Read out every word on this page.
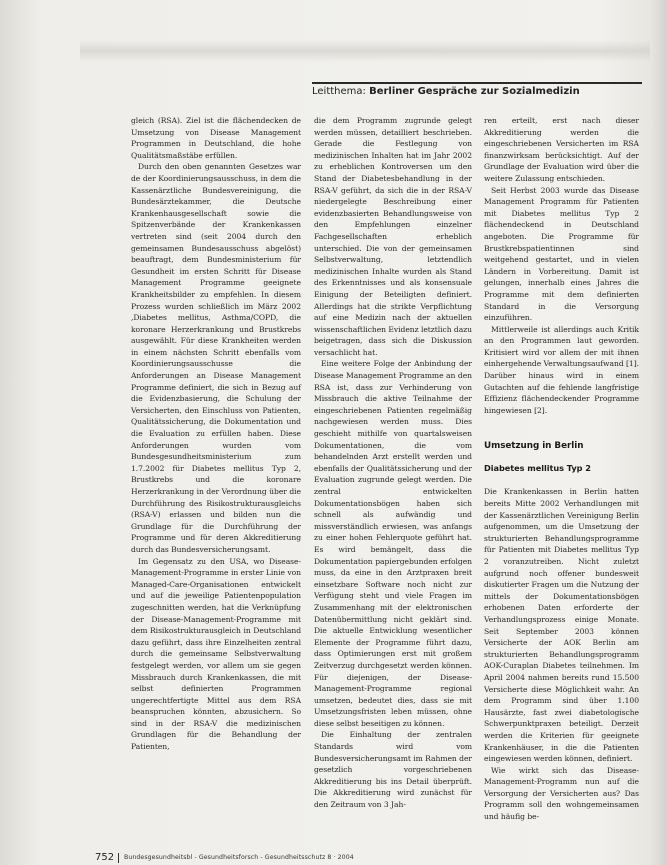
Leitthema: Berliner Gespräche zur Sozialmedizin

gleich (RSA). Ziel ist die flächendecken de Umsetzung von Disease Management Programmen in Deutschland, die hohe Qualitätsmaßstäbe erfüllen.

Durch den oben genannten Gesetzes war de der Koordinierungsausschuss, in dem die Kassenärztliche Bundesvereinigung, die Bundesärztekammer, die Deutsche Krankenhausgesellschaft sowie die Spitzenverbände der Krankenkassen vertreten sind (seit 2004 durch den gemeinsamen Bundesausschuss abgelöst) beauftragt, dem Bundesministerium für Gesundheit im ersten Schritt für Disease Management Programme geeignete Krankheitsbilder zu empfehlen. In diesem Prozess wurden schließlich im März 2002 ‚Diabetes mellitus, Asthma/COPD, die koronare Herzerkrankung und Brustkrebs ausgewählt. Für diese Krankheiten werden in einem nächsten Schritt ebenfalls vom Koordinierungsausschusse die Anforderungen an Disease Management Programme definiert, die sich in Bezug auf die Evidenzbasierung, die Schulung der Versicherten, den Einschluss von Patienten, Qualitätssicherung, die Dokumentation und die Evaluation zu erfüllen haben. Diese Anforderungen wurden vom Bundesgesundheitsministerium zum 1.7.2002 für Diabetes mellitus Typ 2, Brustkrebs und die koronare Herzerkrankung in der Verordnung über die Durchführung des Risikostrukturausgleichs (RSA-V) erlassen und bilden nun die Grundlage für die Durchführung der Programme und für deren Akkreditierung durch das Bundesversicherungsamt.

Im Gegensatz zu den USA, wo Disease-Management-Programme in erster Linie von Managed-Care-Organisationen entwickelt und auf die jeweilige Patientenpopulation zugeschnitten werden, hat die Verknüpfung der Disease-Management-Programme mit dem Risikostrukturausgleich in Deutschland dazu geführt, dass ihre Einzelheiten zentral durch die gemeinsame Selbstverwaltung festgelegt werden, vor allem um sie gegen Missbrauch durch Krankenkassen, die mit selbst definierten Programmen ungerechtfertigte Mittel aus dem RSA beanspruchen könnten, abzusichern. So sind in der RSA-V die medizinischen Grundlagen für die Behandlung der Patienten,

die dem Programm zugrunde gelegt werden müssen, detailliert beschrieben. Gerade die Festlegung von medizinischen Inhalten hat im Jahr 2002 zu erheblichen Kontroversen um den Stand der Diabetesbehandlung in der RSA-V geführt, da sich die in der RSA-V niedergelegte Beschreibung einer evidenzbasierten Behandlungsweise von den Empfehlungen einzelner Fachgesellschaften erheblich unterschied. Die von der gemeinsamen Selbstverwaltung, letztendlich medizinischen Inhalte wurden als Stand des Erkenntnisses und als konsensuale Einigung der Beteiligten definiert. Allerdings hat die strikte Verpflichtung auf eine Medizin nach der aktuellen wissenschaftlichen Evidenz letztlich dazu beigetragen, dass sich die Diskussion versachlicht hat.

Eine weitere Folge der Anbindung der Disease Management Programme an den RSA ist, dass zur Verhinderung von Missbrauch die aktive Teilnahme der eingeschriebenen Patienten regelmäßig nachgewiesen werden muss. Dies geschieht mithilfe von quartalsweisen Dokumentationen, die vom behandelnden Arzt erstellt werden und ebenfalls der Qualitätssicherung und der Evaluation zugrunde gelegt werden. Die zentral entwickelten Dokumentationsbögen haben sich schnell als aufwändig und missverständlich erwiesen, was anfangs zu einer hohen Fehlerquote geführt hat. Es wird bemängelt, dass die Dokumentation papiergebunden erfolgen muss, da eine in den Arztpraxen breit einsetzbare Software noch nicht zur Verfügung steht und viele Fragen im Zusammenhang mit der elektronischen Datenübermittlung nicht geklärt sind. Die aktuelle Entwicklung wesentlicher Elemente der Programme führt dazu, dass Optimierungen erst mit großem Zeitverzug durchgesetzt werden können. Für diejenigen, der Disease-Management-Programme regional umsetzen, bedeutet dies, dass sie mit Umsetzungsfristen leben müssen, ohne diese selbst beseitigen zu können.

Die Einhaltung der zentralen Standards wird vom Bundesversicherungsamt im Rahmen der gesetzlich vorgeschriebenen Akkreditierung bis ins Detail überprüft. Die Akkreditierung wird zunächst für den Zeitraum von 3 Jah-

ren erteilt, erst nach dieser Akkreditierung werden die eingeschriebenen Versicherten im RSA finanzwirksam berücksichtigt. Auf der Grundlage der Evaluation wird über die weitere Zulassung entschieden.

Seit Herbst 2003 wurde das Disease Management Programm für Patienten mit Diabetes mellitus Typ 2 flächendeckend in Deutschland angeboten. Die Programme für Brustkrebspatientinnen sind weitgehend gestartet, und in vielen Ländern in Vorbereitung. Damit ist gelungen, innerhalb eines Jahres die Programme mit dem definierten Standard in die Versorgung einzuführen.

Mittlerweile ist allerdings auch Kritik an den Programmen laut geworden. Kritisiert wird vor allem der mit ihnen einhergehende Verwaltungsaufwand [1]. Darüber hinaus wird in einem Gutachten auf die fehlende langfristige Effizienz flächendeckender Programme hingewiesen [2].

Umsetzung in Berlin
Diabetes mellitus Typ 2

Die Krankenkassen in Berlin hatten bereits Mitte 2002 Verhandlungen mit der Kassenärztlichen Vereinigung Berlin aufgenommen, um die Umsetzung der strukturierten Behandlungsprogramme für Patienten mit Diabetes mellitus Typ 2 voranzutreiben. Nicht zuletzt aufgrund noch offener bundesweit diskutierter Fragen um die Nutzung der mittels der Dokumentationsbögen erhobenen Daten erforderte der Verhandlungsprozess einige Monate. Seit September 2003 können Versicherte der AOK Berlin am strukturierten Behandlungsprogramm AOK-Curaplan Diabetes teilnehmen. Im April 2004 nahmen bereits rund 15.500 Versicherte diese Möglichkeit wahr. An dem Programm sind über 1.100 Hausärzte, fast zwei diabetologische Schwerpunktpraxen beteiligt. Derzeit werden die Kriterien für geeignete Krankenhäuser, in die die Patienten eingewiesen werden können, definiert.

Wie wirkt sich das Disease-Management-Programm nun auf die Versorgung der Versicherten aus? Das Programm soll den wohngemeinsamen und häufig be-

752 Bundesgesundheitsbl - Gesundheitsforsch - Gesundheitsschutz 8 · 2004
